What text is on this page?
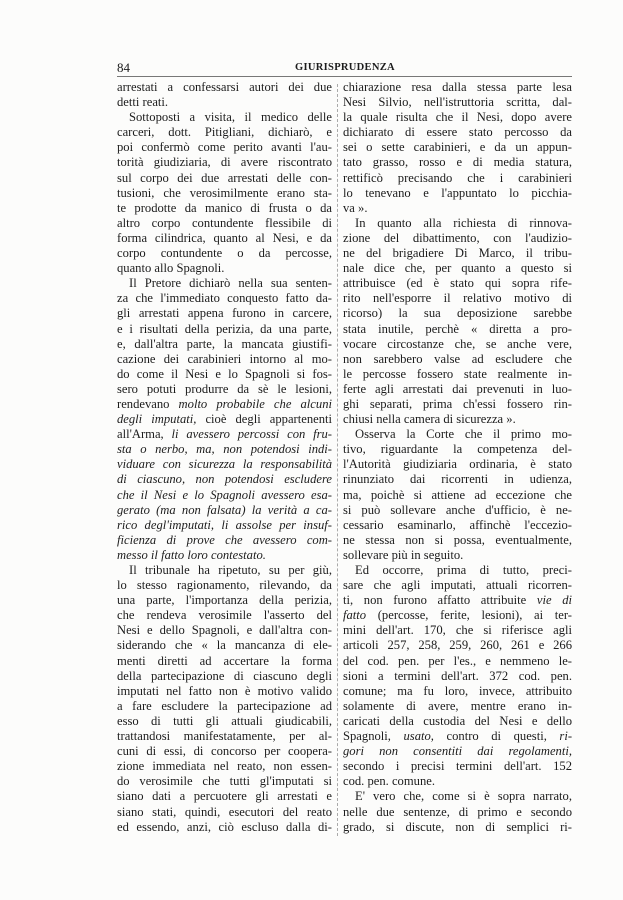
84	GIURISPRUDENZA
arrestati a confessarsi autori dei due
detti reati.
Sottoposti a visita, il medico delle
carceri, dott. Pitigliani, dichiarò, e
poi confermò come perito avanti l'au-
torità giudiziaria, di avere riscontrato
sul corpo dei due arrestati delle con-
tusioni, che verosimilmente erano sta-
te prodotte da manico di frusta o da
altro corpo contundente flessibile di
forma cilindrica, quanto al Nesi, e da
corpo contundente o da percosse,
quanto allo Spagnoli.
Il Pretore dichiarò nella sua senten-
za che l'immediato conquesto fatto da-
gli arrestati appena furono in carcere,
e i risultati della perizia, da una parte,
e, dall'altra parte, la mancata giustifi-
cazione dei carabinieri intorno al mo-
do come il Nesi e lo Spagnoli si fos-
sero potuti produrre da sè le lesioni,
rendevano molto probabile che alcuni
degli imputati, cioè degli appartenenti
all'Arma, li avessero percossi con fru-
sta o nerbo, ma, non potendosi indi-
viduare con sicurezza la responsabilità
di ciascuno, non potendosi escludere
che il Nesi e lo Spagnoli avessero esa-
gerato (ma non falsata) la verità a ca-
rico degl'imputati, li assolse per insuf-
ficienza di prove che avessero com-
messo il fatto loro contestato.
Il tribunale ha ripetuto, su per giù,
lo stesso ragionamento, rilevando, da
una parte, l'importanza della perizia,
che rendeva verosimile l'asserto del
Nesi e dello Spagnoli, e dall'altra con-
siderando che « la mancanza di ele-
menti diretti ad accertare la forma
della partecipazione di ciascuno degli
imputati nel fatto non è motivo valido
a fare escludere la partecipazione ad
esso di tutti gli attuali giudicabili,
trattandosi manifestatamente, per al-
cuni di essi, di concorso per coopera-
zione immediata nel reato, non essen-
do verosimile che tutti gl'imputati si
siano dati a percuotere gli arrestati e
siano stati, quindi, esecutori del reato
ed essendo, anzi, ciò escluso dalla di-
chiarazione resa dalla stessa parte lesa
Nesi Silvio, nell'istruttoria scritta, dal-
la quale risulta che il Nesi, dopo avere
dichiarato di essere stato percosso da
sei o sette carabinieri, e da un appun-
tato grasso, rosso e di media statura,
rettificò precisando che i carabinieri
lo tenevano e l'appuntato lo picchia-
va ».
In quanto alla richiesta di rinnova-
zione del dibattimento, con l'audizio-
ne del brigadiere Di Marco, il tribu-
nale dice che, per quanto a questo si
attribuisce (ed è stato qui sopra rife-
rito nell'esporre il relativo motivo di
ricorso) la sua deposizione sarebbe
stata inutile, perchè « diretta a pro-
vocare circostanze che, se anche vere,
non sarebbero valse ad escludere che
le percosse fossero state realmente in-
ferte agli arrestati dai prevenuti in luo-
ghi separati, prima ch'essi fossero rin-
chiusi nella camera di sicurezza ».
Osserva la Corte che il primo mo-
tivo, riguardante la competenza del-
l'Autorità giudiziaria ordinaria, è stato
rinunziato dai ricorrenti in udienza,
ma, poichè si attiene ad eccezione che
si può sollevare anche d'ufficio, è ne-
cessario esaminarlo, affinchè l'eccezio-
ne stessa non si possa, eventualmente,
sollevare più in seguito.
Ed occorre, prima di tutto, preci-
sare che agli imputati, attuali ricorren-
ti, non furono affatto attribuite vie di
fatto (percosse, ferite, lesioni), ai ter-
mini dell'art. 170, che si riferisce agli
articoli 257, 258, 259, 260, 261 e 266
del cod. pen. per l'es., e nemmeno le-
sioni a termini dell'art. 372 cod. pen.
comune; ma fu loro, invece, attribuito
solamente di avere, mentre erano in-
caricati della custodia del Nesi e dello
Spagnoli, usato, contro di questi, ri-
gori non consentiti dai regolamenti,
secondo i precisi termini dell'art. 152
cod. pen. comune.
E' vero che, come si è sopra narrato,
nelle due sentenze, di primo e secondo
grado, si discute, non di semplici ri-
